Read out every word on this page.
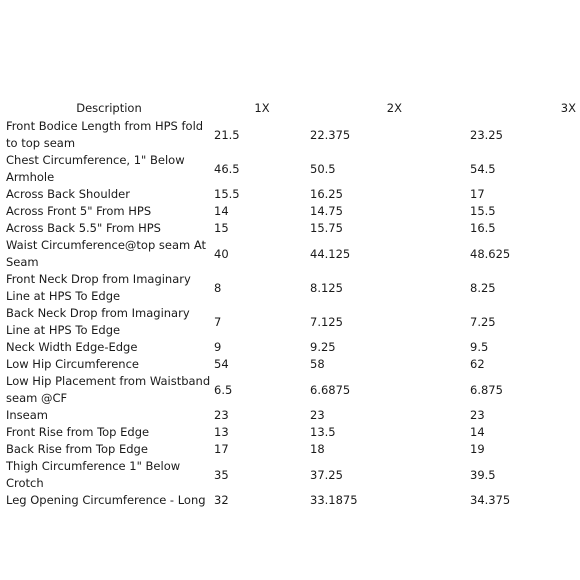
Description	1X	2X	3X
Front Bodice Length from HPS fold to top seam	21.5	22.375	23.25
Chest Circumference, 1" Below Armhole	46.5	50.5	54.5
Across Back Shoulder	15.5	16.25	17
Across Front 5" From HPS	14	14.75	15.5
Across Back 5.5" From HPS	15	15.75	16.5
Waist Circumference@top seam At Seam	40	44.125	48.625
Front Neck Drop from Imaginary Line at HPS To Edge	8	8.125	8.25
Back Neck Drop from Imaginary Line at HPS To Edge	7	7.125	7.25
Neck Width Edge-Edge	9	9.25	9.5
Low Hip Circumference	54	58	62
Low Hip Placement from Waistband seam @CF	6.5	6.6875	6.875
Inseam	23	23	23
Front Rise from Top Edge	13	13.5	14
Back Rise from Top Edge	17	18	19
Thigh Circumference 1" Below Crotch	35	37.25	39.5
Leg Opening Circumference - Long	32	33.1875	34.375
